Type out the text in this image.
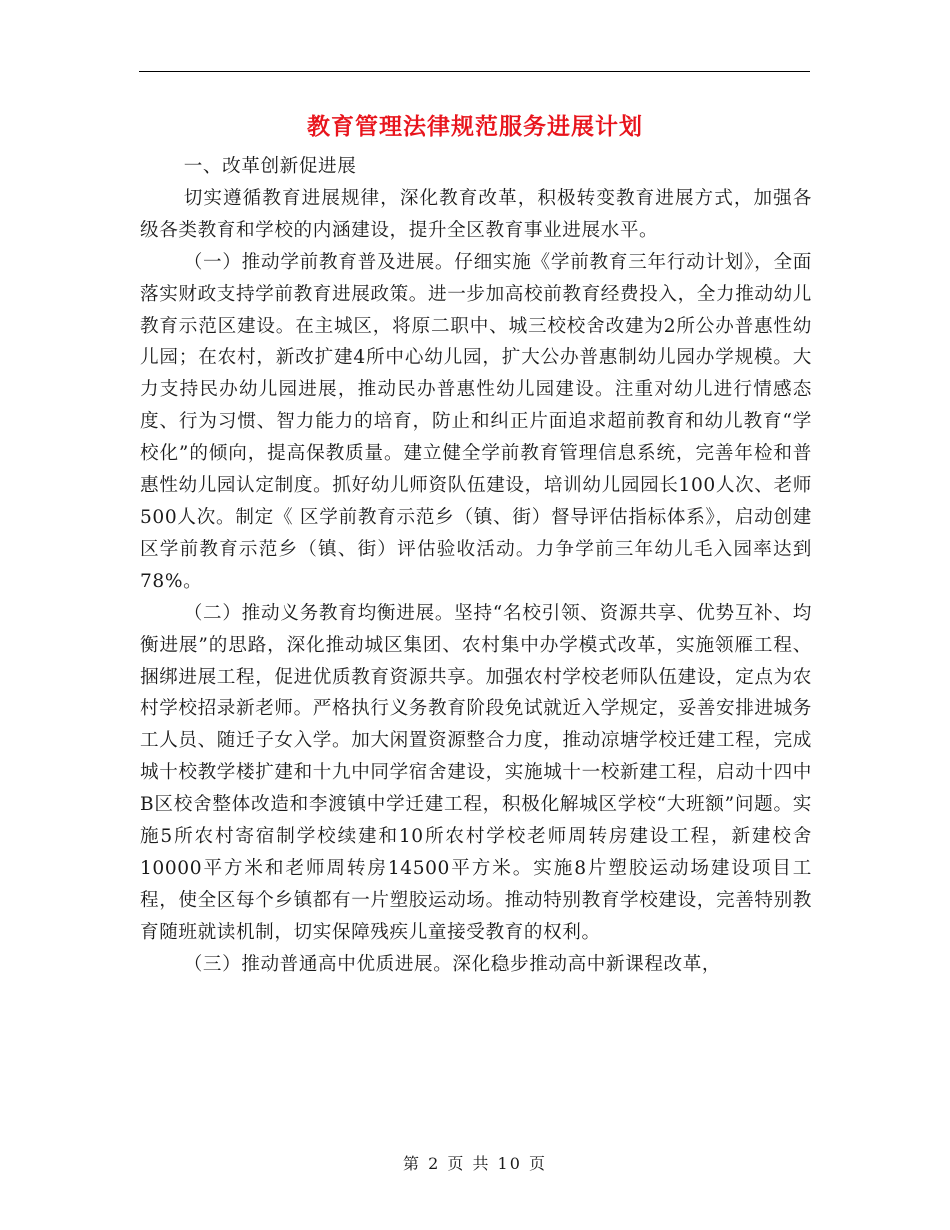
教育管理法律规范服务进展计划

一、改革创新促进展

切实遵循教育进展规律，深化教育改革，积极转变教育进展方式，加强各级各类教育和学校的内涵建设，提升全区教育事业进展水平。

（一）推动学前教育普及进展。仔细实施《学前教育三年行动计划》，全面落实财政支持学前教育进展政策。进一步加高校前教育经费投入，全力推动幼儿教育示范区建设。在主城区，将原二职中、城三校校舍改建为2所公办普惠性幼儿园；在农村，新改扩建4所中心幼儿园，扩大公办普惠制幼儿园办学规模。大力支持民办幼儿园进展，推动民办普惠性幼儿园建设。注重对幼儿进行情感态度、行为习惯、智力能力的培育，防止和纠正片面追求超前教育和幼儿教育“学校化”的倾向，提高保教质量。建立健全学前教育管理信息系统，完善年检和普惠性幼儿园认定制度。抓好幼儿师资队伍建设，培训幼儿园园长100人次、老师500人次。制定《 区学前教育示范乡（镇、街）督导评估指标体系》，启动创建 区学前教育示范乡（镇、街）评估验收活动。力争学前三年幼儿毛入园率达到78%。

（二）推动义务教育均衡进展。坚持“名校引领、资源共享、优势互补、均衡进展”的思路，深化推动城区集团、农村集中办学模式改革，实施领雁工程、捆绑进展工程，促进优质教育资源共享。加强农村学校老师队伍建设，定点为农村学校招录新老师。严格执行义务教育阶段免试就近入学规定，妥善安排进城务工人员、随迁子女入学。加大闲置资源整合力度，推动凉塘学校迁建工程，完成城十校教学楼扩建和十九中同学宿舍建设，实施城十一校新建工程，启动十四中B区校舍整体改造和李渡镇中学迁建工程，积极化解城区学校“大班额”问题。实施5所农村寄宿制学校续建和10所农村学校老师周转房建设工程，新建校舍10000平方米和老师周转房14500平方米。实施8片塑胶运动场建设项目工程，使全区每个乡镇都有一片塑胶运动场。推动特别教育学校建设，完善特别教育随班就读机制，切实保障残疾儿童接受教育的权利。

（三）推动普通高中优质进展。深化稳步推动高中新课程改革，

第 2 页 共 10 页
